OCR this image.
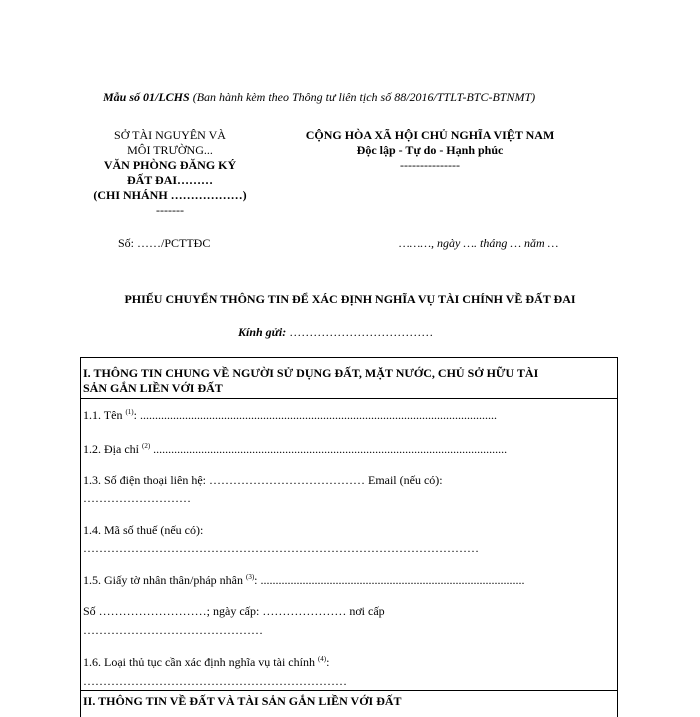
Mẫu số 01/LCHS (Ban hành kèm theo Thông tư liên tịch số 88/2016/TTLT-BTC-BTNMT)
SỞ TÀI NGUYÊN VÀ
MÔI TRƯỜNG...
VĂN PHÒNG ĐĂNG KÝ
ĐẤT ĐAI………
(CHI NHÁNH ………………)
-------
Số: ……/PCTTĐC
CỘNG HÒA XÃ HỘI CHỦ NGHĨA VIỆT NAM
Độc lập - Tự do - Hạnh phúc
---------------
………, ngày …. tháng … năm …
PHIẾU CHUYỂN THÔNG TIN ĐỂ XÁC ĐỊNH NGHĨA VỤ TÀI CHÍNH VỀ ĐẤT ĐAI
Kính gửi: ………………………………
I. THÔNG TIN CHUNG VỀ NGƯỜI SỬ DỤNG ĐẤT, MẶT NƯỚC, CHỦ SỞ HỮU TÀI
SẢN GẮN LIỀN VỚI ĐẤT
1.1. Tên $^{(1)}$: .......................................................................................................................
1.2. Địa chỉ $^{(2)}$ ......................................................................................................................
1.3. Số điện thoại liên hệ: ………………………………… Email (nếu có):
………………………
1.4. Mã số thuế (nếu có):
………………………………………………………………………………………
1.5. Giấy tờ nhân thân/pháp nhân $^{(3)}$: ........................................................................................
Số ………………………; ngày cấp: ………………… nơi cấp
………………………………………
1.6. Loại thủ tục cần xác định nghĩa vụ tài chính $^{(4)}$:
…………………………………………………………
II. THÔNG TIN VỀ ĐẤT VÀ TÀI SẢN GẮN LIỀN VỚI ĐẤT
